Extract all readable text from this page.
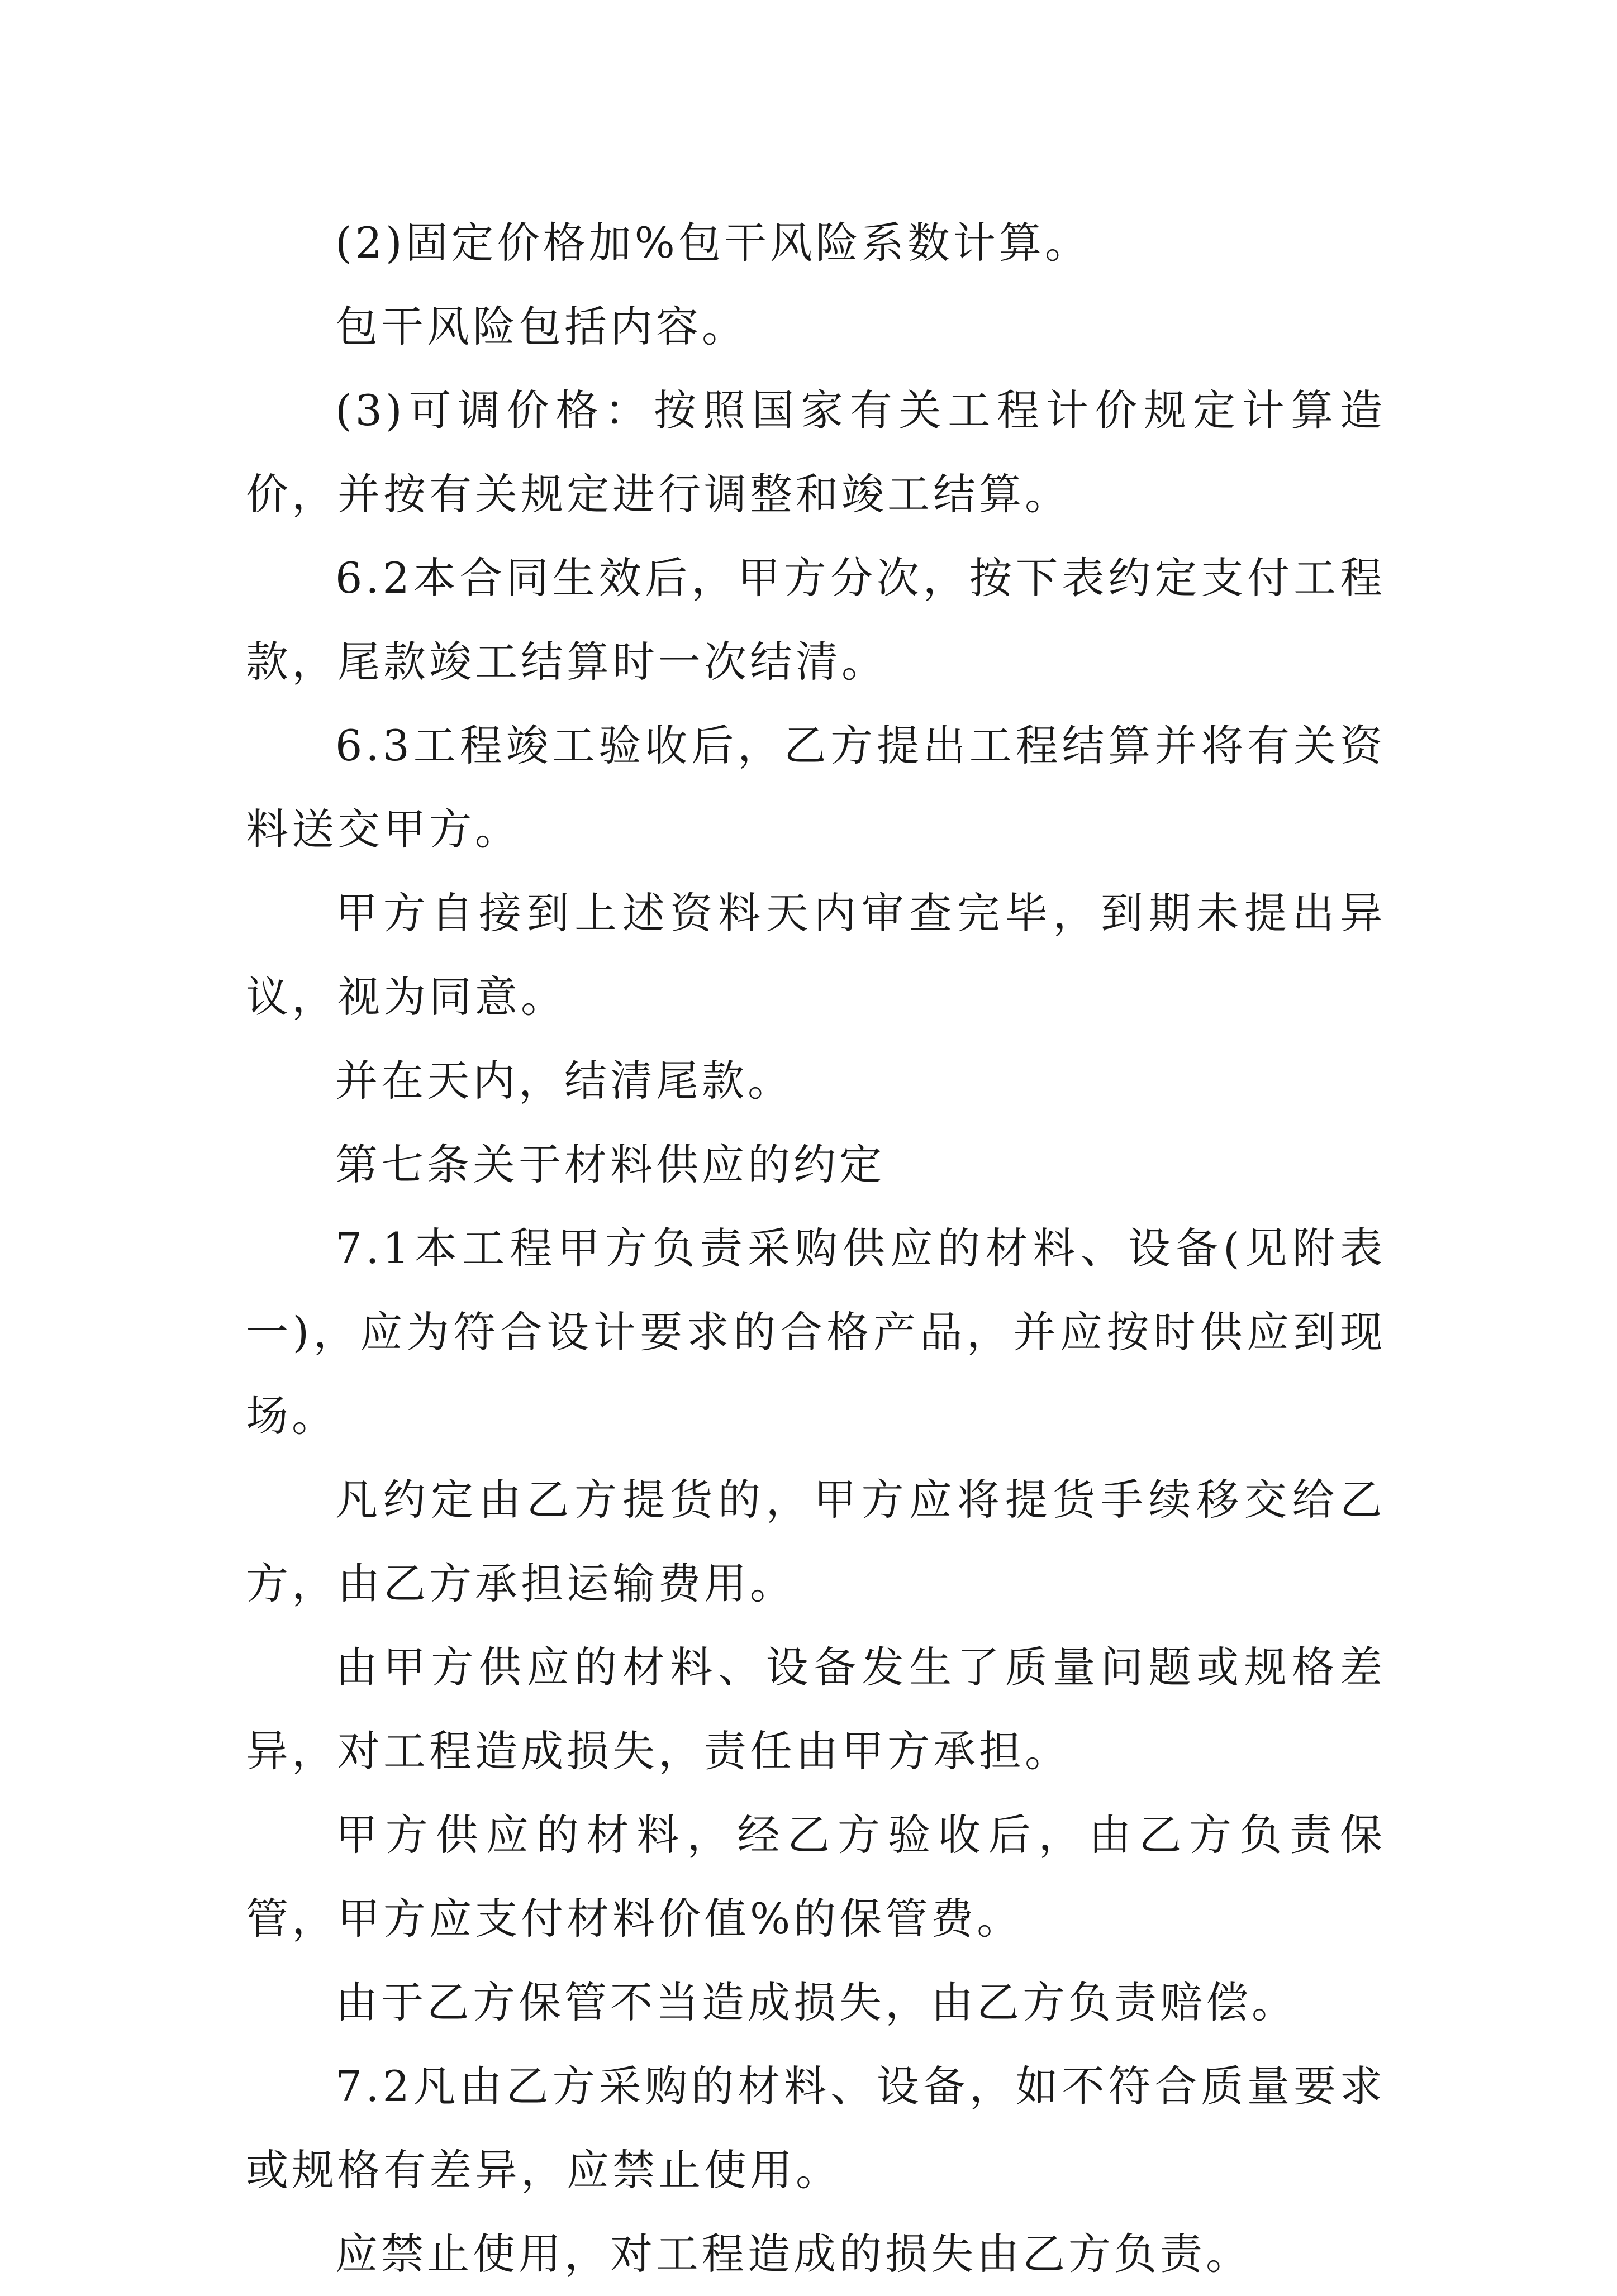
(2)固定价格加%包干风险系数计算。

包干风险包括内容。

(3)可调价格：按照国家有关工程计价规定计算造价，并按有关规定进行调整和竣工结算。

6.2本合同生效后，甲方分次，按下表约定支付工程款，尾款竣工结算时一次结清。

6.3工程竣工验收后，乙方提出工程结算并将有关资料送交甲方。

甲方自接到上述资料天内审查完毕，到期未提出异议，视为同意。

并在天内，结清尾款。

第七条关于材料供应的约定

7.1本工程甲方负责采购供应的材料、设备(见附表一)，应为符合设计要求的合格产品，并应按时供应到现场。

凡约定由乙方提货的，甲方应将提货手续移交给乙方，由乙方承担运输费用。

由甲方供应的材料、设备发生了质量问题或规格差异，对工程造成损失，责任由甲方承担。

甲方供应的材料，经乙方验收后，由乙方负责保管，甲方应支付材料价值%的保管费。

由于乙方保管不当造成损失，由乙方负责赔偿。

7.2凡由乙方采购的材料、设备，如不符合质量要求或规格有差异，应禁止使用。

应禁止使用，对工程造成的损失由乙方负责。
